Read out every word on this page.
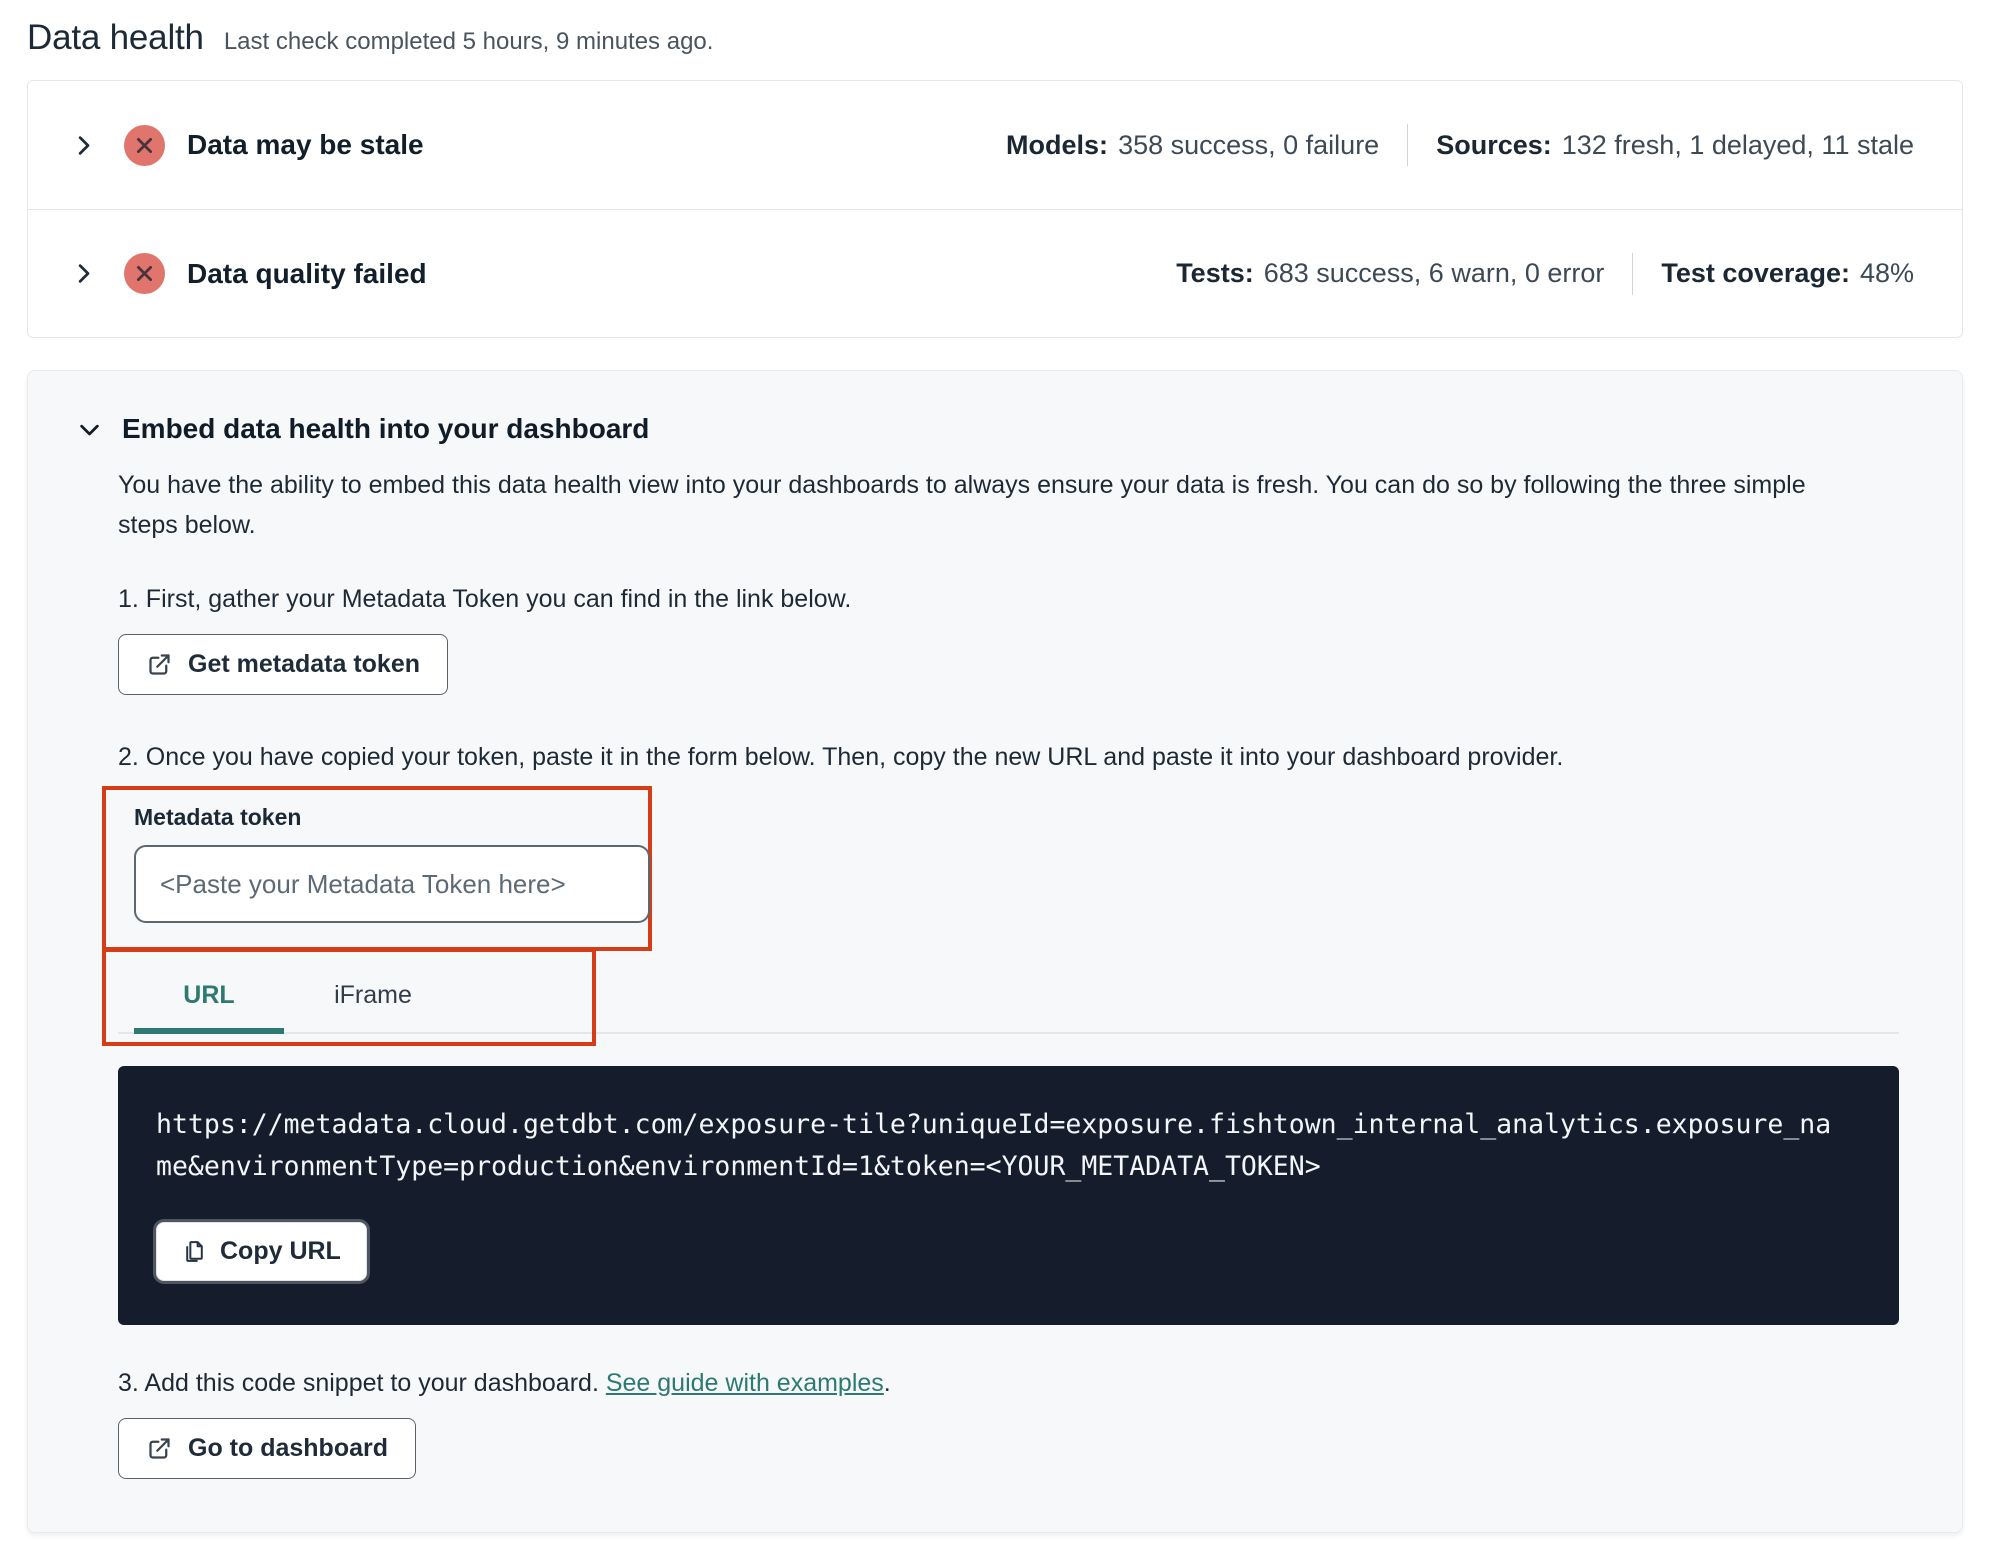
Data health Last check completed 5 hours, 9 minutes ago.
Data may be stale	Models: 358 success, 0 failure Sources: 132 fresh, 1 delayed, 11 stale
Data quality failed	Tests: 683 success, 6 warn, 0 error Test coverage: 48%
Embed data health into your dashboard
You have the ability to embed this data health view into your dashboards to always ensure your data is fresh. You can do so by following the three simple steps below.
1. First, gather your Metadata Token you can find in the link below.
Get metadata token
2. Once you have copied your token, paste it in the form below. Then, copy the new URL and paste it into your dashboard provider.
Metadata token
<Paste your Metadata Token here>
URL	iFrame
https://metadata.cloud.getdbt.com/exposure-tile?uniqueId=exposure.fishtown_internal_analytics.exposure_name&environmentType=production&environmentId=1&token=<YOUR_METADATA_TOKEN>
Copy URL
3. Add this code snippet to your dashboard. See guide with examples.
Go to dashboard
